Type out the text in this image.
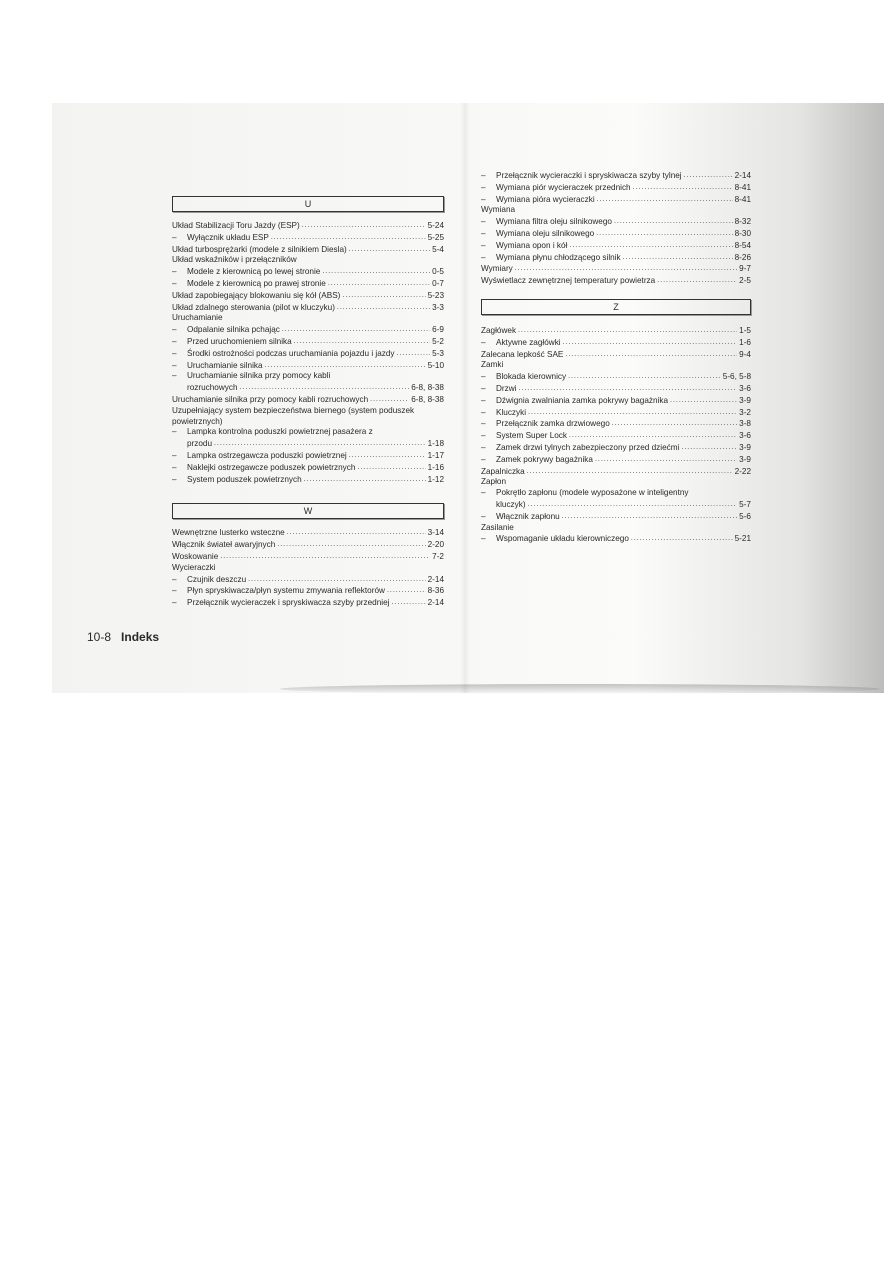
U
Układ Stabilizacji Toru Jazdy (ESP) .....	5-24
– Wyłącznik układu ESP .....	5-25
Układ turbosprężarki (modele z silnikiem Diesla) .....	5-4
Układ wskaźników i przełączników
– Modele z kierownicą po lewej stronie .....	0-5
– Modele z kierownicą po prawej stronie .....	0-7
Układ zapobiegający blokowaniu się kół (ABS) .....	5-23
Układ zdalnego sterowania (pilot w kluczyku) .....	3-3
Uruchamianie
– Odpalanie silnika pchając .....	6-9
– Przed uruchomieniem silnika .....	5-2
– Środki ostrożności podczas uruchamiania pojazdu i jazdy .....	5-3
– Uruchamianie silnika .....	5-10
– Uruchamianie silnika przy pomocy kabli
rozruchowych .....	6-8, 8-38
Uruchamianie silnika przy pomocy kabli rozruchowych .....	6-8, 8-38
Uzupełniający system bezpieczeństwa biernego (system poduszek
powietrznych)
– Lampka kontrolna poduszki powietrznej pasażera z
przodu .....	1-18
– Lampka ostrzegawcza poduszki powietrznej .....	1-17
– Naklejki ostrzegawcze poduszek powietrznych .....	1-16
– System poduszek powietrznych .....	1-12
W
Wewnętrzne lusterko wsteczne .....	3-14
Włącznik świateł awaryjnych .....	2-20
Woskowanie .....	7-2
Wycieraczki
– Czujnik deszczu .....	2-14
– Płyn spryskiwacza/płyn systemu zmywania reflektorów .....	8-36
– Przełącznik wycieraczek i spryskiwacza szyby przedniej .....	2-14
– Przełącznik wycieraczki i spryskiwacza szyby tylnej .....	2-14
– Wymiana piór wycieraczek przednich .....	8-41
– Wymiana pióra wycieraczki .....	8-41
Wymiana
– Wymiana filtra oleju silnikowego .....	8-32
– Wymiana oleju silnikowego .....	8-30
– Wymiana opon i kół .....	8-54
– Wymiana płynu chłodzącego silnik .....	8-26
Wymiary .....	9-7
Wyświetlacz zewnętrznej temperatury powietrza .....	2-5
Z
Zagłówek .....	1-5
– Aktywne zagłówki .....	1-6
Zalecana lepkość SAE .....	9-4
Zamki
– Blokada kierownicy .....	5-6, 5-8
– Drzwi .....	3-6
– Dźwignia zwalniania zamka pokrywy bagażnika .....	3-9
– Kluczyki .....	3-2
– Przełącznik zamka drzwiowego .....	3-8
– System Super Lock .....	3-6
– Zamek drzwi tylnych zabezpieczony przed dziećmi .....	3-9
– Zamek pokrywy bagażnika .....	3-9
Zapalniczka .....	2-22
Zapłon
– Pokrętło zapłonu (modele wyposażone w inteligentny
kluczyk) .....	5-7
– Włącznik zapłonu .....	5-6
Zasilanie
– Wspomaganie układu kierowniczego .....	5-21
10-8 Indeks
